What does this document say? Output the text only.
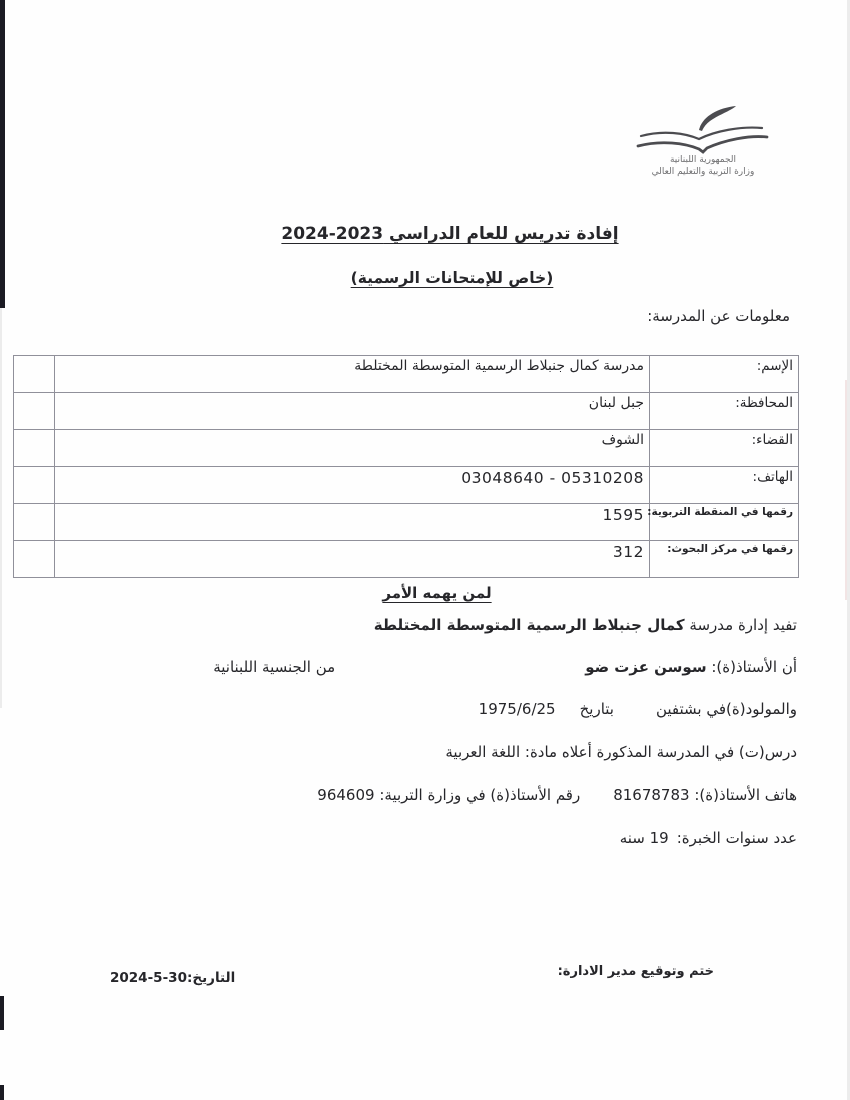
الجمهورية اللبنانية
وزارة التربية والتعليم العالي
إفادة تدريس للعام الدراسي 2024-2023
(خاص للإمتحانات الرسمية)
معلومات عن المدرسة:
الإسم:	مدرسة كمال جنبلاط الرسمية المتوسطة المختلطة	
المحافظة:	جبل لبنان	
القضاء:	الشوف	
الهاتف:	03048640 - 05310208	
رقمها في المنقطة التربوية:	1595	
رقمها في مركز البحوث:	312	
لمن يهمه الأمر
تفيد إدارة مدرسة كمال جنبلاط الرسمية المتوسطة المختلطة
أن الأستاذ(ة): سوسن عزت ضومن الجنسية اللبنانية
والمولود(ة)في بشتفينبتاريخ1975/6/25
درس(ت) في المدرسة المذكورة أعلاه مادة: اللغة العربية
هاتف الأستاذ(ة): 81678783رقم الأستاذ(ة) في وزارة التربية: 964609
عدد سنوات الخبرة:19 سنه
ختم وتوقيع مدير الادارة:
التاريخ:2024-5-30
